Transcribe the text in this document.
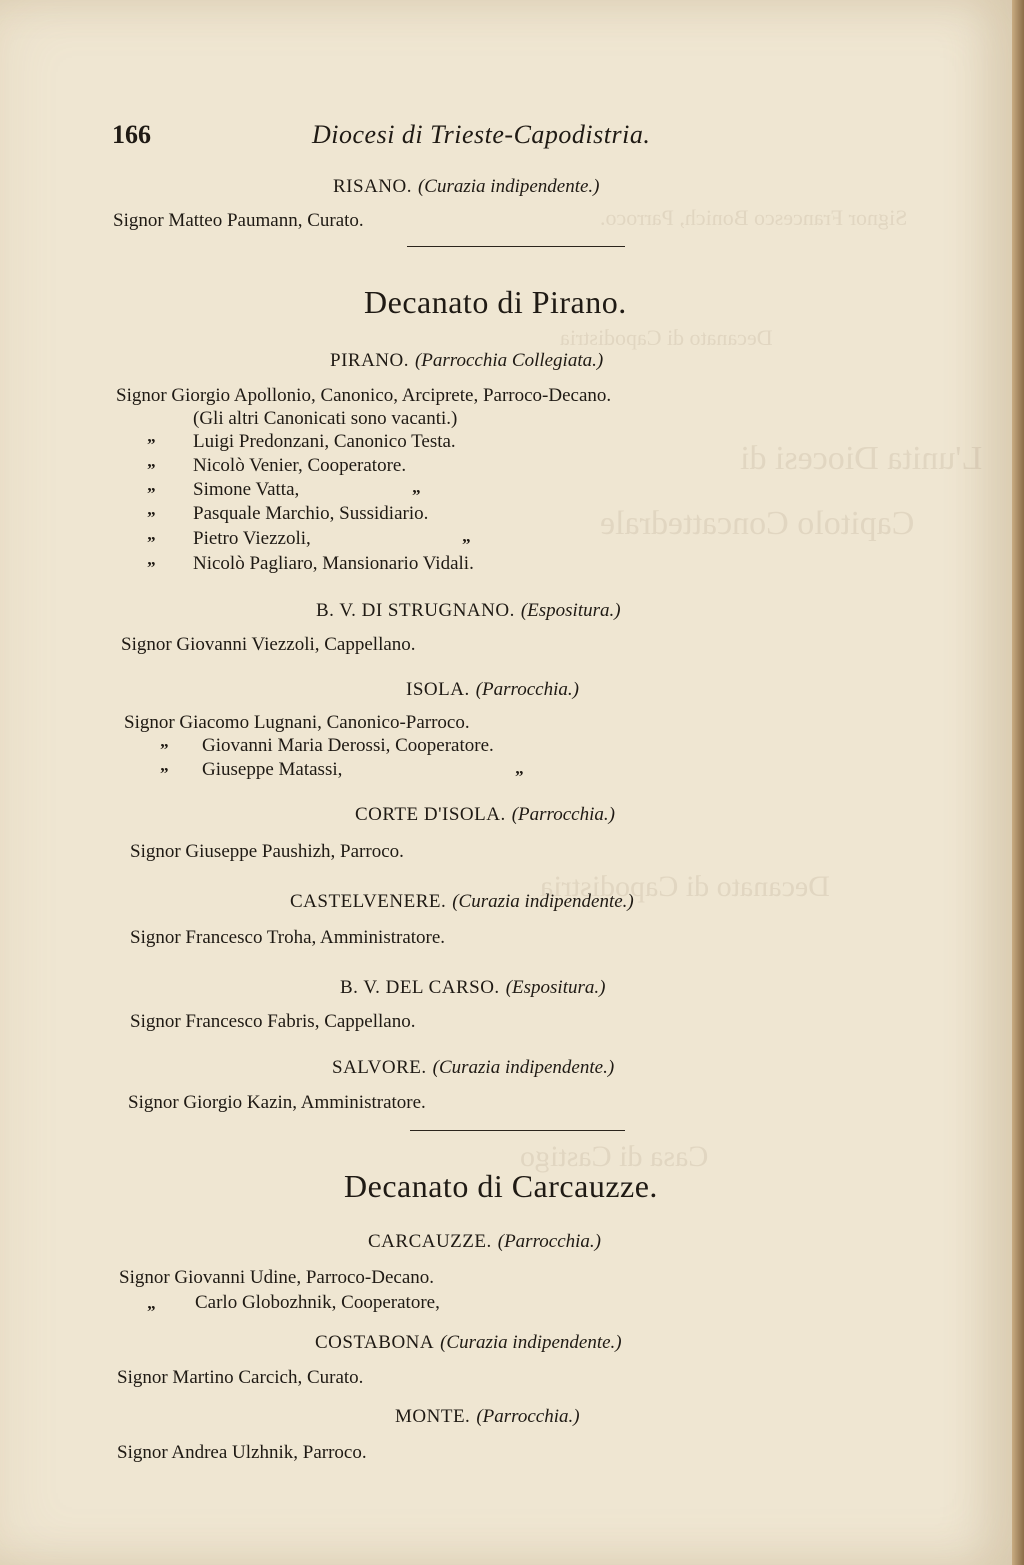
Signor Francesco Bonich, Parroco.
Decanato di Capodistria
L'unita Diocesi di
Capitolo Concattedrale
Decanato di Capodistria
Casa di Castigo
166	Diocesi di Trieste-Capodistria.
RISANO. (Curazia indipendente.)
Signor Matteo Paumann, Curato.
Decanato di Pirano.
PIRANO. (Parrocchia Collegiata.)
Signor Giorgio Apollonio, Canonico, Arciprete, Parroco-Decano.
(Gli altri Canonicati sono vacanti.)
” Luigi Predonzani, Canonico Testa.
” Nicolò Venier, Cooperatore.
” Simone Vatta,	”
” Pasquale Marchio, Sussidiario.
” Pietro Viezzoli,	”
” Nicolò Pagliaro, Mansionario Vidali.
B. V. DI STRUGNANO. (Espositura.)
Signor Giovanni Viezzoli, Cappellano.
ISOLA. (Parrocchia.)
Signor Giacomo Lugnani, Canonico-Parroco.
” Giovanni Maria Derossi, Cooperatore.
” Giuseppe Matassi,	”
CORTE D'ISOLA. (Parrocchia.)
Signor Giuseppe Paushizh, Parroco.
CASTELVENERE. (Curazia indipendente.)
Signor Francesco Troha, Amministratore.
B. V. DEL CARSO. (Espositura.)
Signor Francesco Fabris, Cappellano.
SALVORE. (Curazia indipendente.)
Signor Giorgio Kazin, Amministratore.
Decanato di Carcauzze.
CARCAUZZE. (Parrocchia.)
Signor Giovanni Udine, Parroco-Decano.
” Carlo Globozhnik, Cooperatore,
COSTABONA (Curazia indipendente.)
Signor Martino Carcich, Curato.
MONTE. (Parrocchia.)
Signor Andrea Ulzhnik, Parroco.
